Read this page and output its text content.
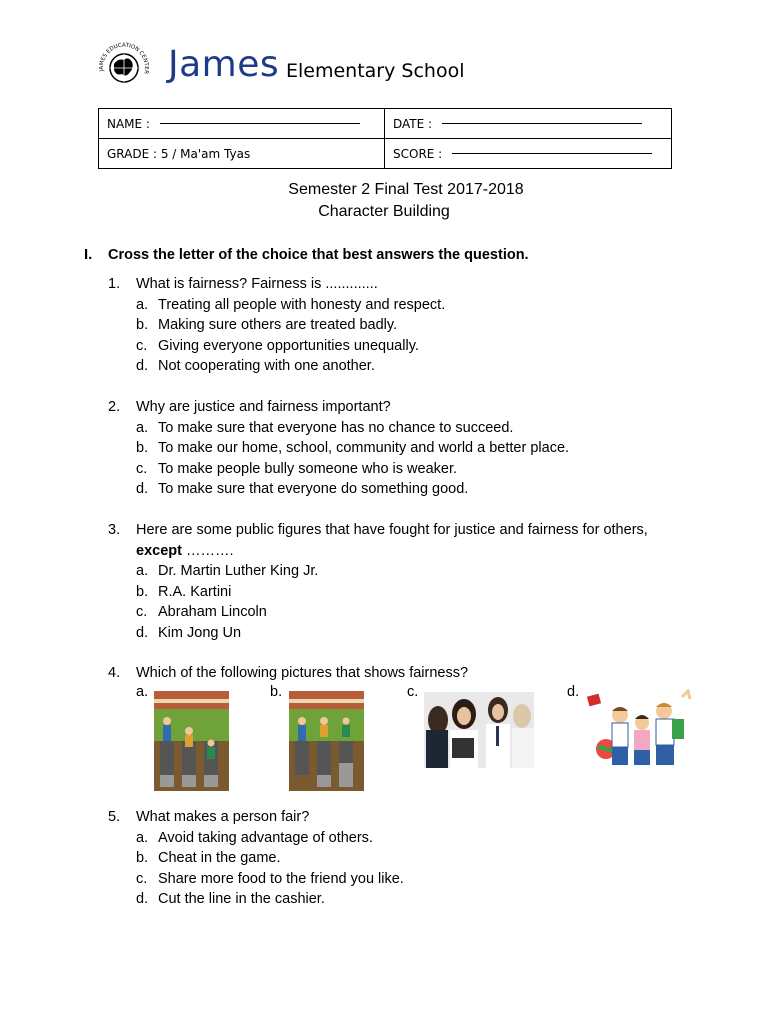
JAMES EDUCATION CENTER James Elementary School
NAME :	DATE :

GRADE : 5 / Ma'am Tyas	SCORE :
Semester 2 Final Test 2017-2018
Character Building
I. Cross the letter of the choice that best answers the question.
1. What is fairness? Fairness is .............
a. Treating all people with honesty and respect.
b. Making sure others are treated badly.
c. Giving everyone opportunities unequally.
d. Not cooperating with one another.
2. Why are justice and fairness important?
a. To make sure that everyone has no chance to succeed.
b. To make our home, school, community and world a better place.
c. To make people bully someone who is weaker.
d. To make sure that everyone do something good.
3. Here are some public figures that have fought for justice and fairness for others,
except ……….
a. Dr. Martin Luther King Jr.
b. R.A. Kartini
c. Abraham Lincoln
d. Kim Jong Un
4. Which of the following pictures that shows fairness?
a.	b.	c.	d.
5. What makes a person fair?
a. Avoid taking advantage of others.
b. Cheat in the game.
c. Share more food to the friend you like.
d. Cut the line in the cashier.
